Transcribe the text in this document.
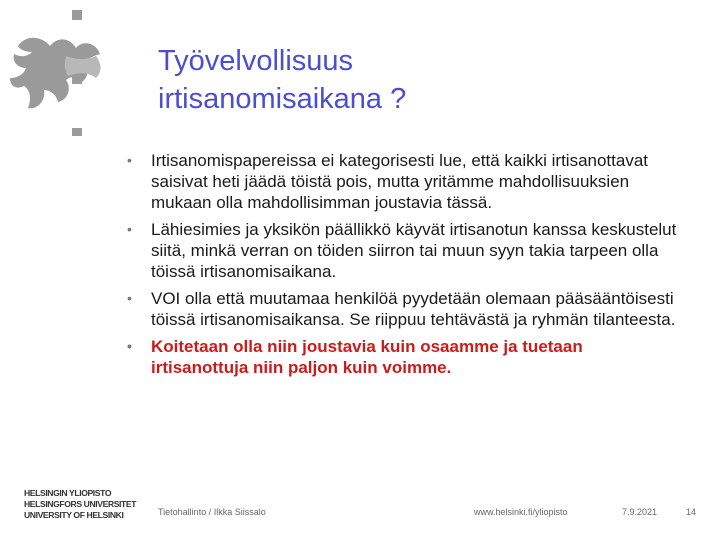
Työvelvollisuus
irtisanomisaikana ?
• Irtisanomispapereissa ei kategorisesti lue, että kaikki irtisanottavat saisivat heti jäädä töistä pois, mutta yritämme mahdollisuuksien mukaan olla mahdollisimman joustavia tässä.
• Lähiesimies ja yksikön päällikkö käyvät irtisanotun kanssa keskustelut siitä, minkä verran on töiden siirron tai muun syyn takia tarpeen olla töissä irtisanomisaikana.
• VOI olla että muutamaa henkilöä pyydetään olemaan pääsääntöisesti töissä irtisanomisaikansa. Se riippuu tehtävästä ja ryhmän tilanteesta.
• Koitetaan olla niin joustavia kuin osaamme ja tuetaan irtisanottuja niin paljon kuin voimme.
HELSINGIN YLIOPISTO
HELSINGFORS UNIVERSITET
UNIVERSITY OF HELSINKI	Tietohallinto / Ilkka Siissalo	www.helsinki.fi/yliopisto	7.9.2021	14
